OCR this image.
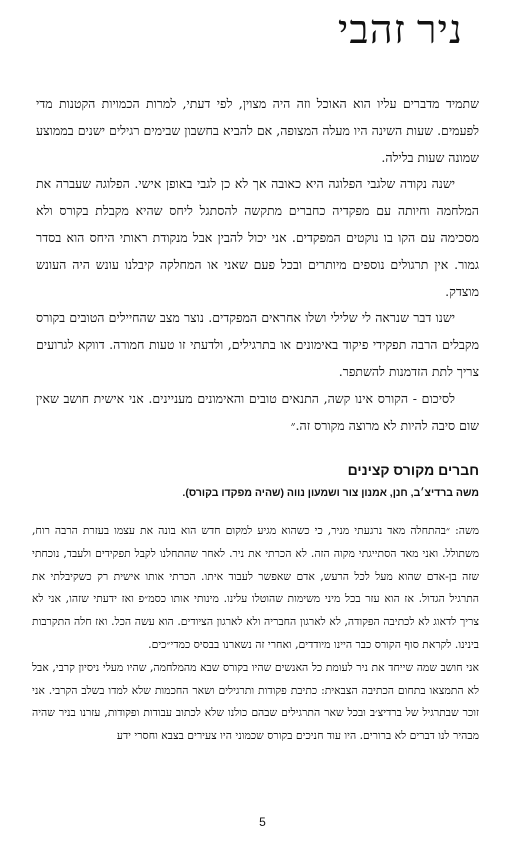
ניר זהבי

שתמיד מדברים עליו הוא האוכל וזה היה מצוין, לפי דעתי, למרות הכמויות הקטנות מדי לפעמים. שעות השינה היו מעלה המצופה, אם להביא בחשבון שבימים רגילים ישנים בממוצע שמונה שעות בלילה.

ישנה נקודה שלגבי הפלוגה היא כאובה אך לא כן לגבי באופן אישי. הפלוגה שעברה את המלחמה וחיותה עם מפקדיה כחברים מתקשה להסתגל ליחס שהיא מקבלת בקורס ולא מסכימה עם הקו בו נוקטים המפקדים. אני יכול להבין אבל מנקודת ראותי היחס הוא בסדר גמור. אין תרגולים נוספים מיותרים ובכל פעם שאני או המחלקה קיבלנו עונש היה העונש מוצדק.

ישנו דבר שנראה לי שלילי ושלו אחראים המפקדים. נוצר מצב שהחיילים הטובים בקורס מקבלים הרבה תפקידי פיקוד באימונים או בתרגילים, ולדעתי זו טעות חמורה. דווקא לגרועים צריך לתת הזדמנות להשתפר.

לסיכום - הקורס אינו קשה, התנאים טובים והאימונים מעניינים. אני אישית חושב שאין שום סיבה להיות לא מרוצה מקורס זה.״

חברים מקורס קצינים
משה ברדיצ׳ב, חנן, אמנון צור ושמעון נווה (שהיה מפקדו בקורס).

משה: ״בהתחלה מאד נרגעתי מניר, כי כשהוא מגיע למקום חדש הוא בונה את עצמו בעזרת הרבה רוח, משתולל. ואני מאד הסתייגתי מקוה הזה. לא הכרתי את ניר. לאחר שהתחלנו לקבל תפקידים ולעבד, נוכחתי שזה בן-אדם שהוא מעל לכל הרעש, אדם שאפשר לעבוד איתו. הכרתי אותו אישית רק כשקיבלתי את התרגיל הגדול. אז הוא עזר בכל מיני משימות שהוטלו עלינו. מינותי אותו כסמ״פ ואז ידעתי שזהו, אני לא צריך לדאוג לא לכתיבה הפקודה, לא לארגון החבריה ולא לארגון הציודים. הוא עשה הכל. ואז חלה התקרבות בינינו. לקראת סוף הקורס כבר היינו מיודדים, ואחרי זה נשארנו בבסיס כמדי״כים.

אני חושב שמה שייחד את ניר לעומת כל האנשים שהיו בקורס שבא מהמלחמה, שהיו מעלי ניסיון קרבי, אבל לא התמצאו בתחום הכתיבה הצבאית: כתיבת פקודות ותרגילים ושאר החכמות שלא למדו בשלב הקרבי. אני זוכר שבתרגיל של ברדיצ׳ב ובכל שאר התרגילים שבהם כולנו שלא לכתוב עבודות ופקודות, עזרנו בניר שהיה מבהיר לנו דברים לא ברורים. היו עוד חניכים בקורס שכמוני היו צעירים בצבא וחסרי ידע

5
